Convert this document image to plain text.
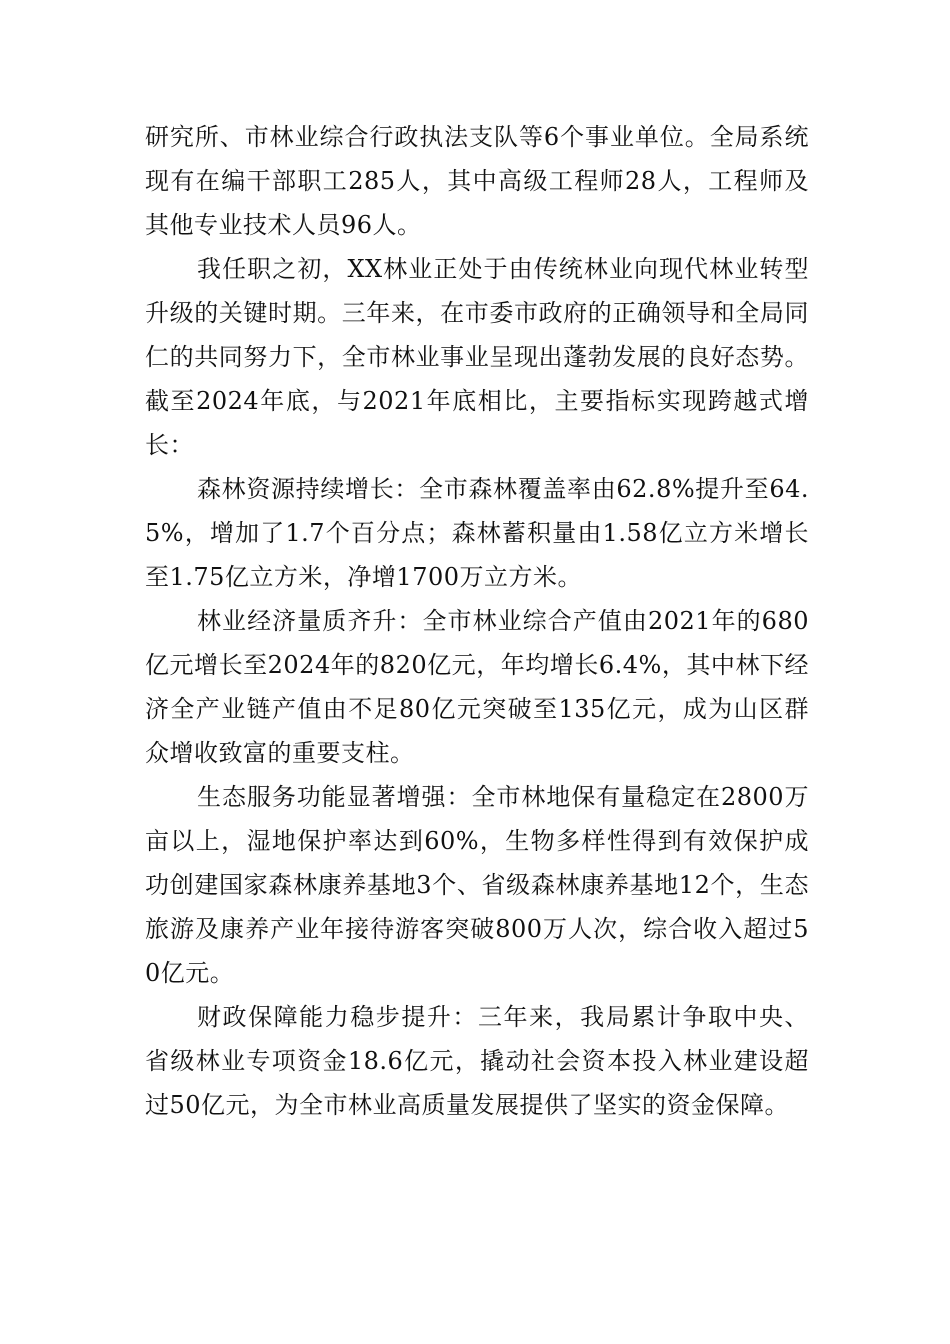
研究所、市林业综合行政执法支队等6个事业单位。全局系统现有在编干部职工285人，其中高级工程师28人，工程师及其他专业技术人员96人。

我任职之初，XX林业正处于由传统林业向现代林业转型升级的关键时期。三年来，在市委市政府的正确领导和全局同仁的共同努力下，全市林业事业呈现出蓬勃发展的良好态势。截至2024年底，与2021年底相比，主要指标实现跨越式增长：

森林资源持续增长：全市森林覆盖率由62.8%提升至64.5%，增加了1.7个百分点；森林蓄积量由1.58亿立方米增长至1.75亿立方米，净增1700万立方米。

林业经济量质齐升：全市林业综合产值由2021年的680亿元增长至2024年的820亿元，年均增长6.4%，其中林下经济全产业链产值由不足80亿元突破至135亿元，成为山区群众增收致富的重要支柱。

生态服务功能显著增强：全市林地保有量稳定在2800万亩以上，湿地保护率达到60%，生物多样性得到有效保护成功创建国家森林康养基地3个、省级森林康养基地12个，生态旅游及康养产业年接待游客突破800万人次，综合收入超过50亿元。

财政保障能力稳步提升：三年来，我局累计争取中央、省级林业专项资金18.6亿元，撬动社会资本投入林业建设超过50亿元，为全市林业高质量发展提供了坚实的资金保障。
